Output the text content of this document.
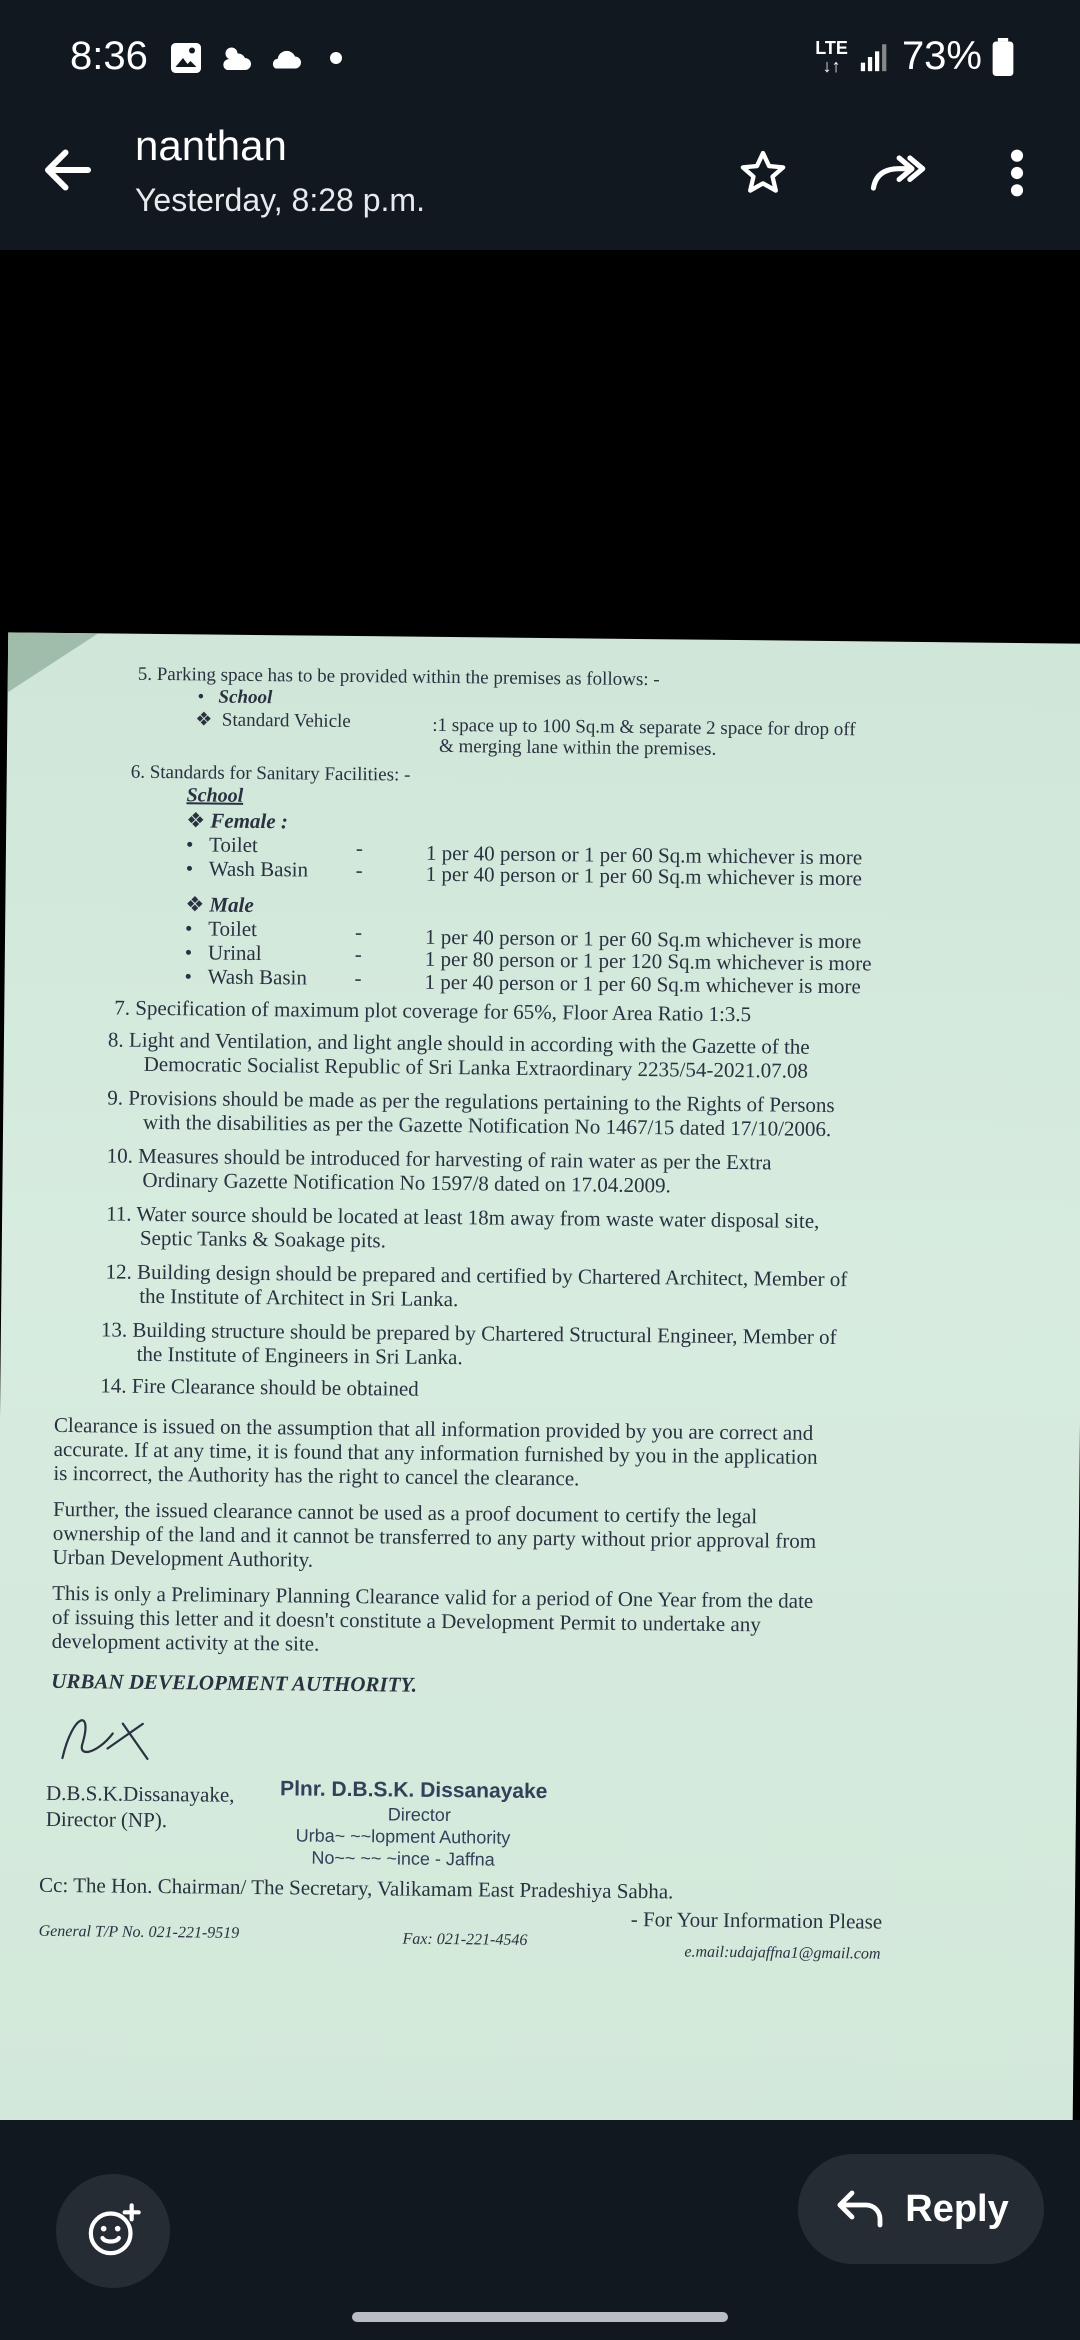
8:36	LTE
↓↑ 73%
nanthan
Yesterday, 8:28 p.m.
5. Parking space has to be provided within the premises as follows: -
•   School
❖  Standard Vehicle	:1 space up to 100 Sq.m & separate 2 space for drop off
& merging lane within the premises.
6. Standards for Sanitary Facilities: -
School
❖ Female :
•   Toilet	-	1 per 40 person or 1 per 60 Sq.m whichever is more
•   Wash Basin -	1 per 40 person or 1 per 60 Sq.m whichever is more
❖ Male
•   Toilet	-	1 per 40 person or 1 per 60 Sq.m whichever is more
•   Urinal	-	1 per 80 person or 1 per 120 Sq.m whichever is more
•   Wash Basin -	1 per 40 person or 1 per 60 Sq.m whichever is more
7. Specification of maximum plot coverage for 65%, Floor Area Ratio 1:3.5
8. Light and Ventilation, and light angle should in according with the Gazette of the
Democratic Socialist Republic of Sri Lanka Extraordinary 2235/54-2021.07.08
9. Provisions should be made as per the regulations pertaining to the Rights of Persons
with the disabilities as per the Gazette Notification No 1467/15 dated 17/10/2006.
10. Measures should be introduced for harvesting of rain water as per the Extra
Ordinary Gazette Notification No 1597/8 dated on 17.04.2009.
11. Water source should be located at least 18m away from waste water disposal site,
Septic Tanks & Soakage pits.
12. Building design should be prepared and certified by Chartered Architect, Member of
the Institute of Architect in Sri Lanka.
13. Building structure should be prepared by Chartered Structural Engineer, Member of
the Institute of Engineers in Sri Lanka.
14. Fire Clearance should be obtained
Clearance is issued on the assumption that all information provided by you are correct and
accurate. If at any time, it is found that any information furnished by you in the application
is incorrect, the Authority has the right to cancel the clearance.
Further, the issued clearance cannot be used as a proof document to certify the legal
ownership of the land and it cannot be transferred to any party without prior approval from
Urban Development Authority.
This is only a Preliminary Planning Clearance valid for a period of One Year from the date
of issuing this letter and it doesn't constitute a Development Permit to undertake any
development activity at the site.
URBAN DEVELOPMENT AUTHORITY.
D.B.S.K.Dissanayake,
Director (NP).
Plnr. D.B.S.K. Dissanayake
Director
Urba~ ~~lopment Authority
No~~ ~~ ~ince - Jaffna
Cc: The Hon. Chairman/ The Secretary, Valikamam East Pradeshiya Sabha.
- For Your Information Please
General T/P No. 021-221-9519	Fax: 021-221-4546
e.mail:udajaffna1@gmail.com
Reply
